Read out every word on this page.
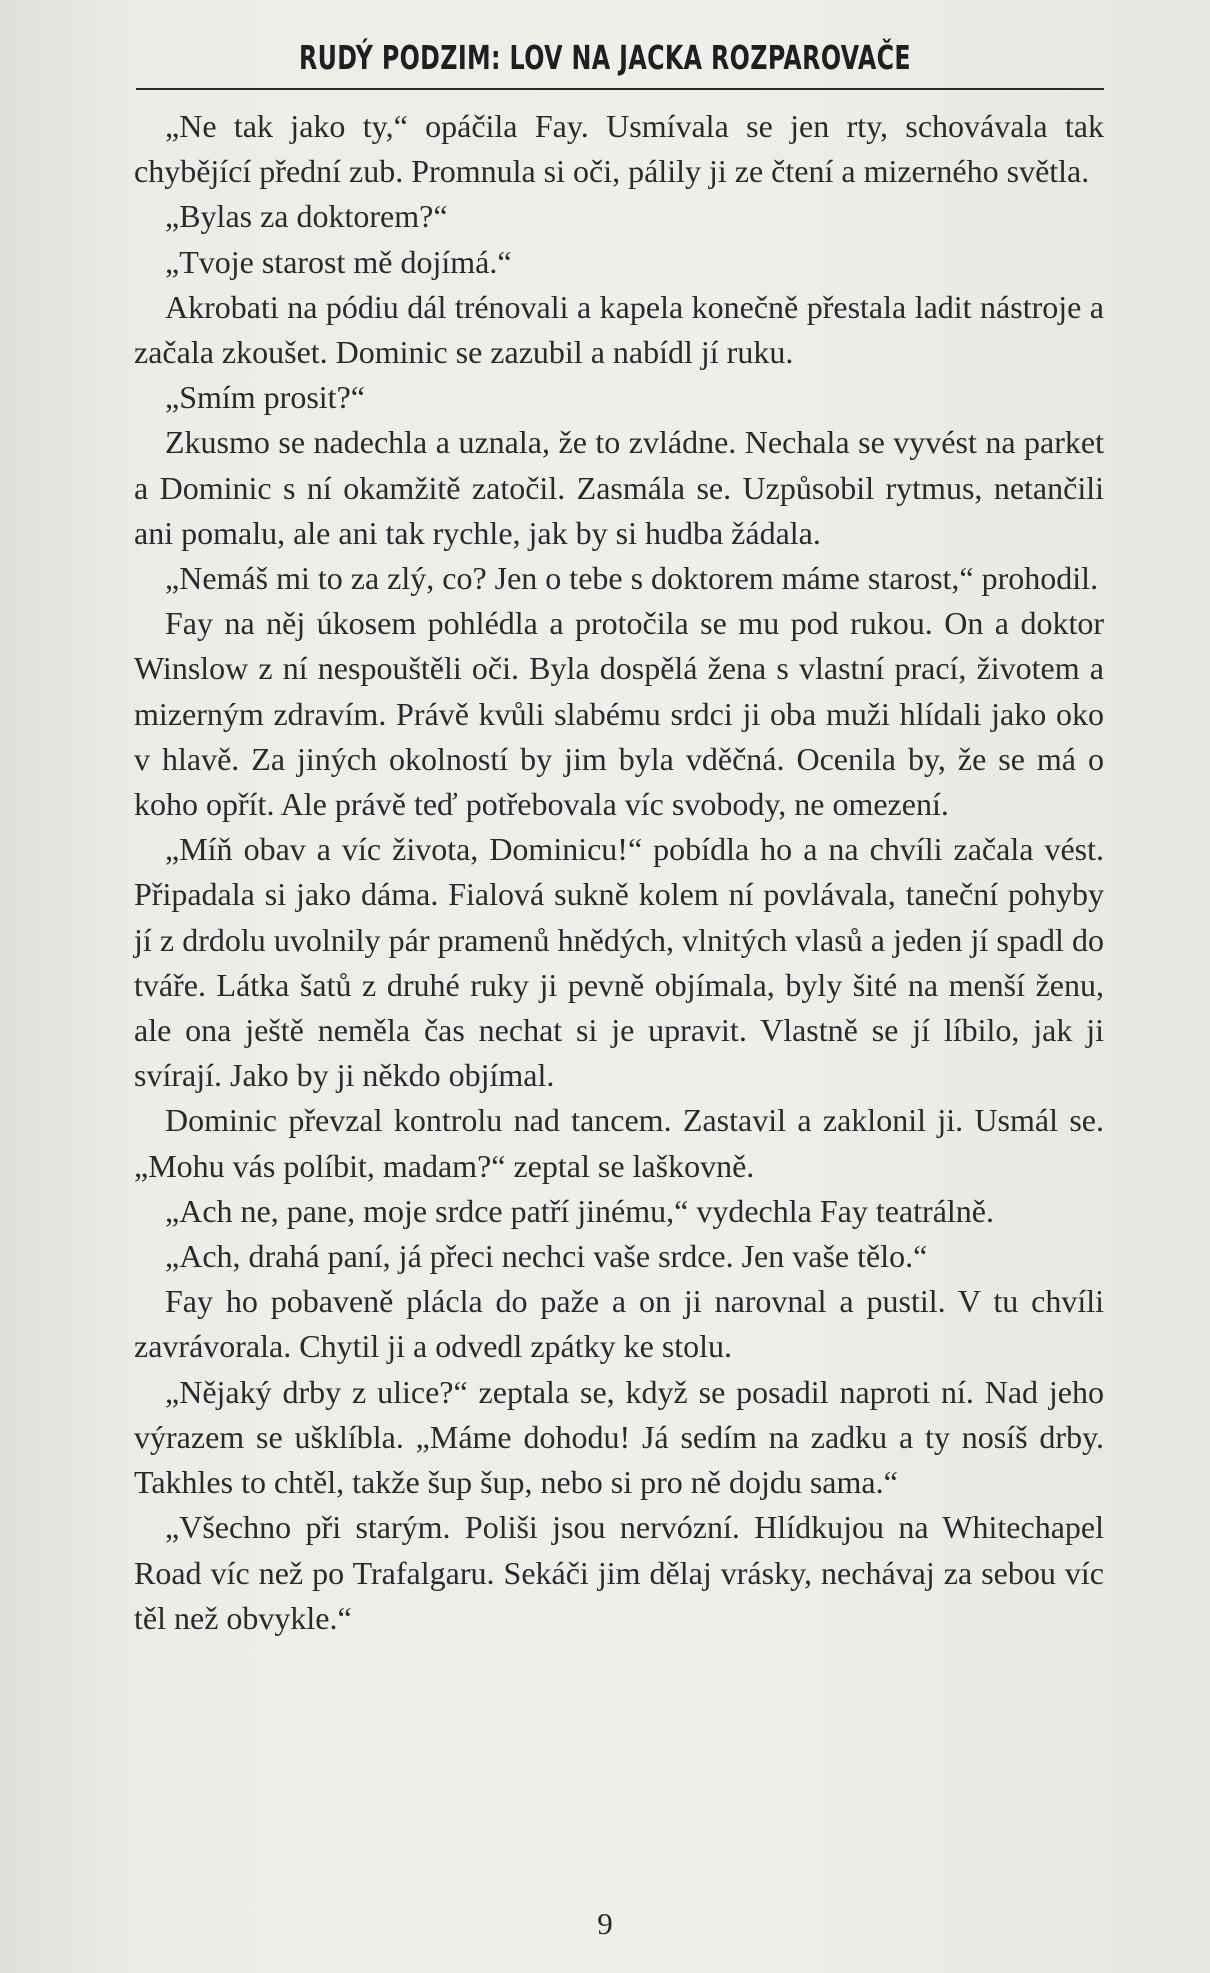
RUDÝ PODZIM: LOV NA JACKA ROZPAROVAČE

„Ne tak jako ty,“ opáčila Fay. Usmívala se jen rty, schovávala tak chybějící přední zub. Promnula si oči, pálily ji ze čtení a mizerného světla.

„Bylas za doktorem?“

„Tvoje starost mě dojímá.“

Akrobati na pódiu dál trénovali a kapela konečně přestala ladit nástroje a začala zkoušet. Dominic se zazubil a nabídl jí ruku.

„Smím prosit?“

Zkusmo se nadechla a uznala, že to zvládne. Nechala se vyvést na parket a Dominic s ní okamžitě zatočil. Zasmála se. Uzpůsobil rytmus, netančili ani pomalu, ale ani tak rychle, jak by si hudba žádala.

„Nemáš mi to za zlý, co? Jen o tebe s doktorem máme starost,“ prohodil.

Fay na něj úkosem pohlédla a protočila se mu pod rukou. On a doktor Winslow z ní nespouštěli oči. Byla dospělá žena s vlastní prací, životem a mizerným zdravím. Právě kvůli slabému srdci ji oba muži hlídali jako oko v hlavě. Za jiných okolností by jim byla vděčná. Ocenila by, že se má o koho opřít. Ale právě teď potřebovala víc svobody, ne omezení.

„Míň obav a víc života, Dominicu!“ pobídla ho a na chvíli začala vést. Připadala si jako dáma. Fialová sukně kolem ní povlávala, taneční pohyby jí z drdolu uvolnily pár pramenů hnědých, vlnitých vlasů a jeden jí spadl do tváře. Látka šatů z druhé ruky ji pevně objímala, byly šité na menší ženu, ale ona ještě neměla čas nechat si je upravit. Vlastně se jí líbilo, jak ji svírají. Jako by ji někdo objímal.

Dominic převzal kontrolu nad tancem. Zastavil a zaklonil ji. Usmál se. „Mohu vás políbit, madam?“ zeptal se laškovně.

„Ach ne, pane, moje srdce patří jinému,“ vydechla Fay teatrálně.

„Ach, drahá paní, já přeci nechci vaše srdce. Jen vaše tělo.“

Fay ho pobaveně plácla do paže a on ji narovnal a pustil. V tu chvíli zavrávorala. Chytil ji a odvedl zpátky ke stolu.

„Nějaký drby z ulice?“ zeptala se, když se posadil naproti ní. Nad jeho výrazem se ušklíbla. „Máme dohodu! Já sedím na zadku a ty nosíš drby. Takhles to chtěl, takže šup šup, nebo si pro ně dojdu sama.“

„Všechno při starým. Poliši jsou nervózní. Hlídkujou na Whitechapel Road víc než po Trafalgaru. Sekáči jim dělaj vrásky, nechávaj za sebou víc těl než obvykle.“

9
